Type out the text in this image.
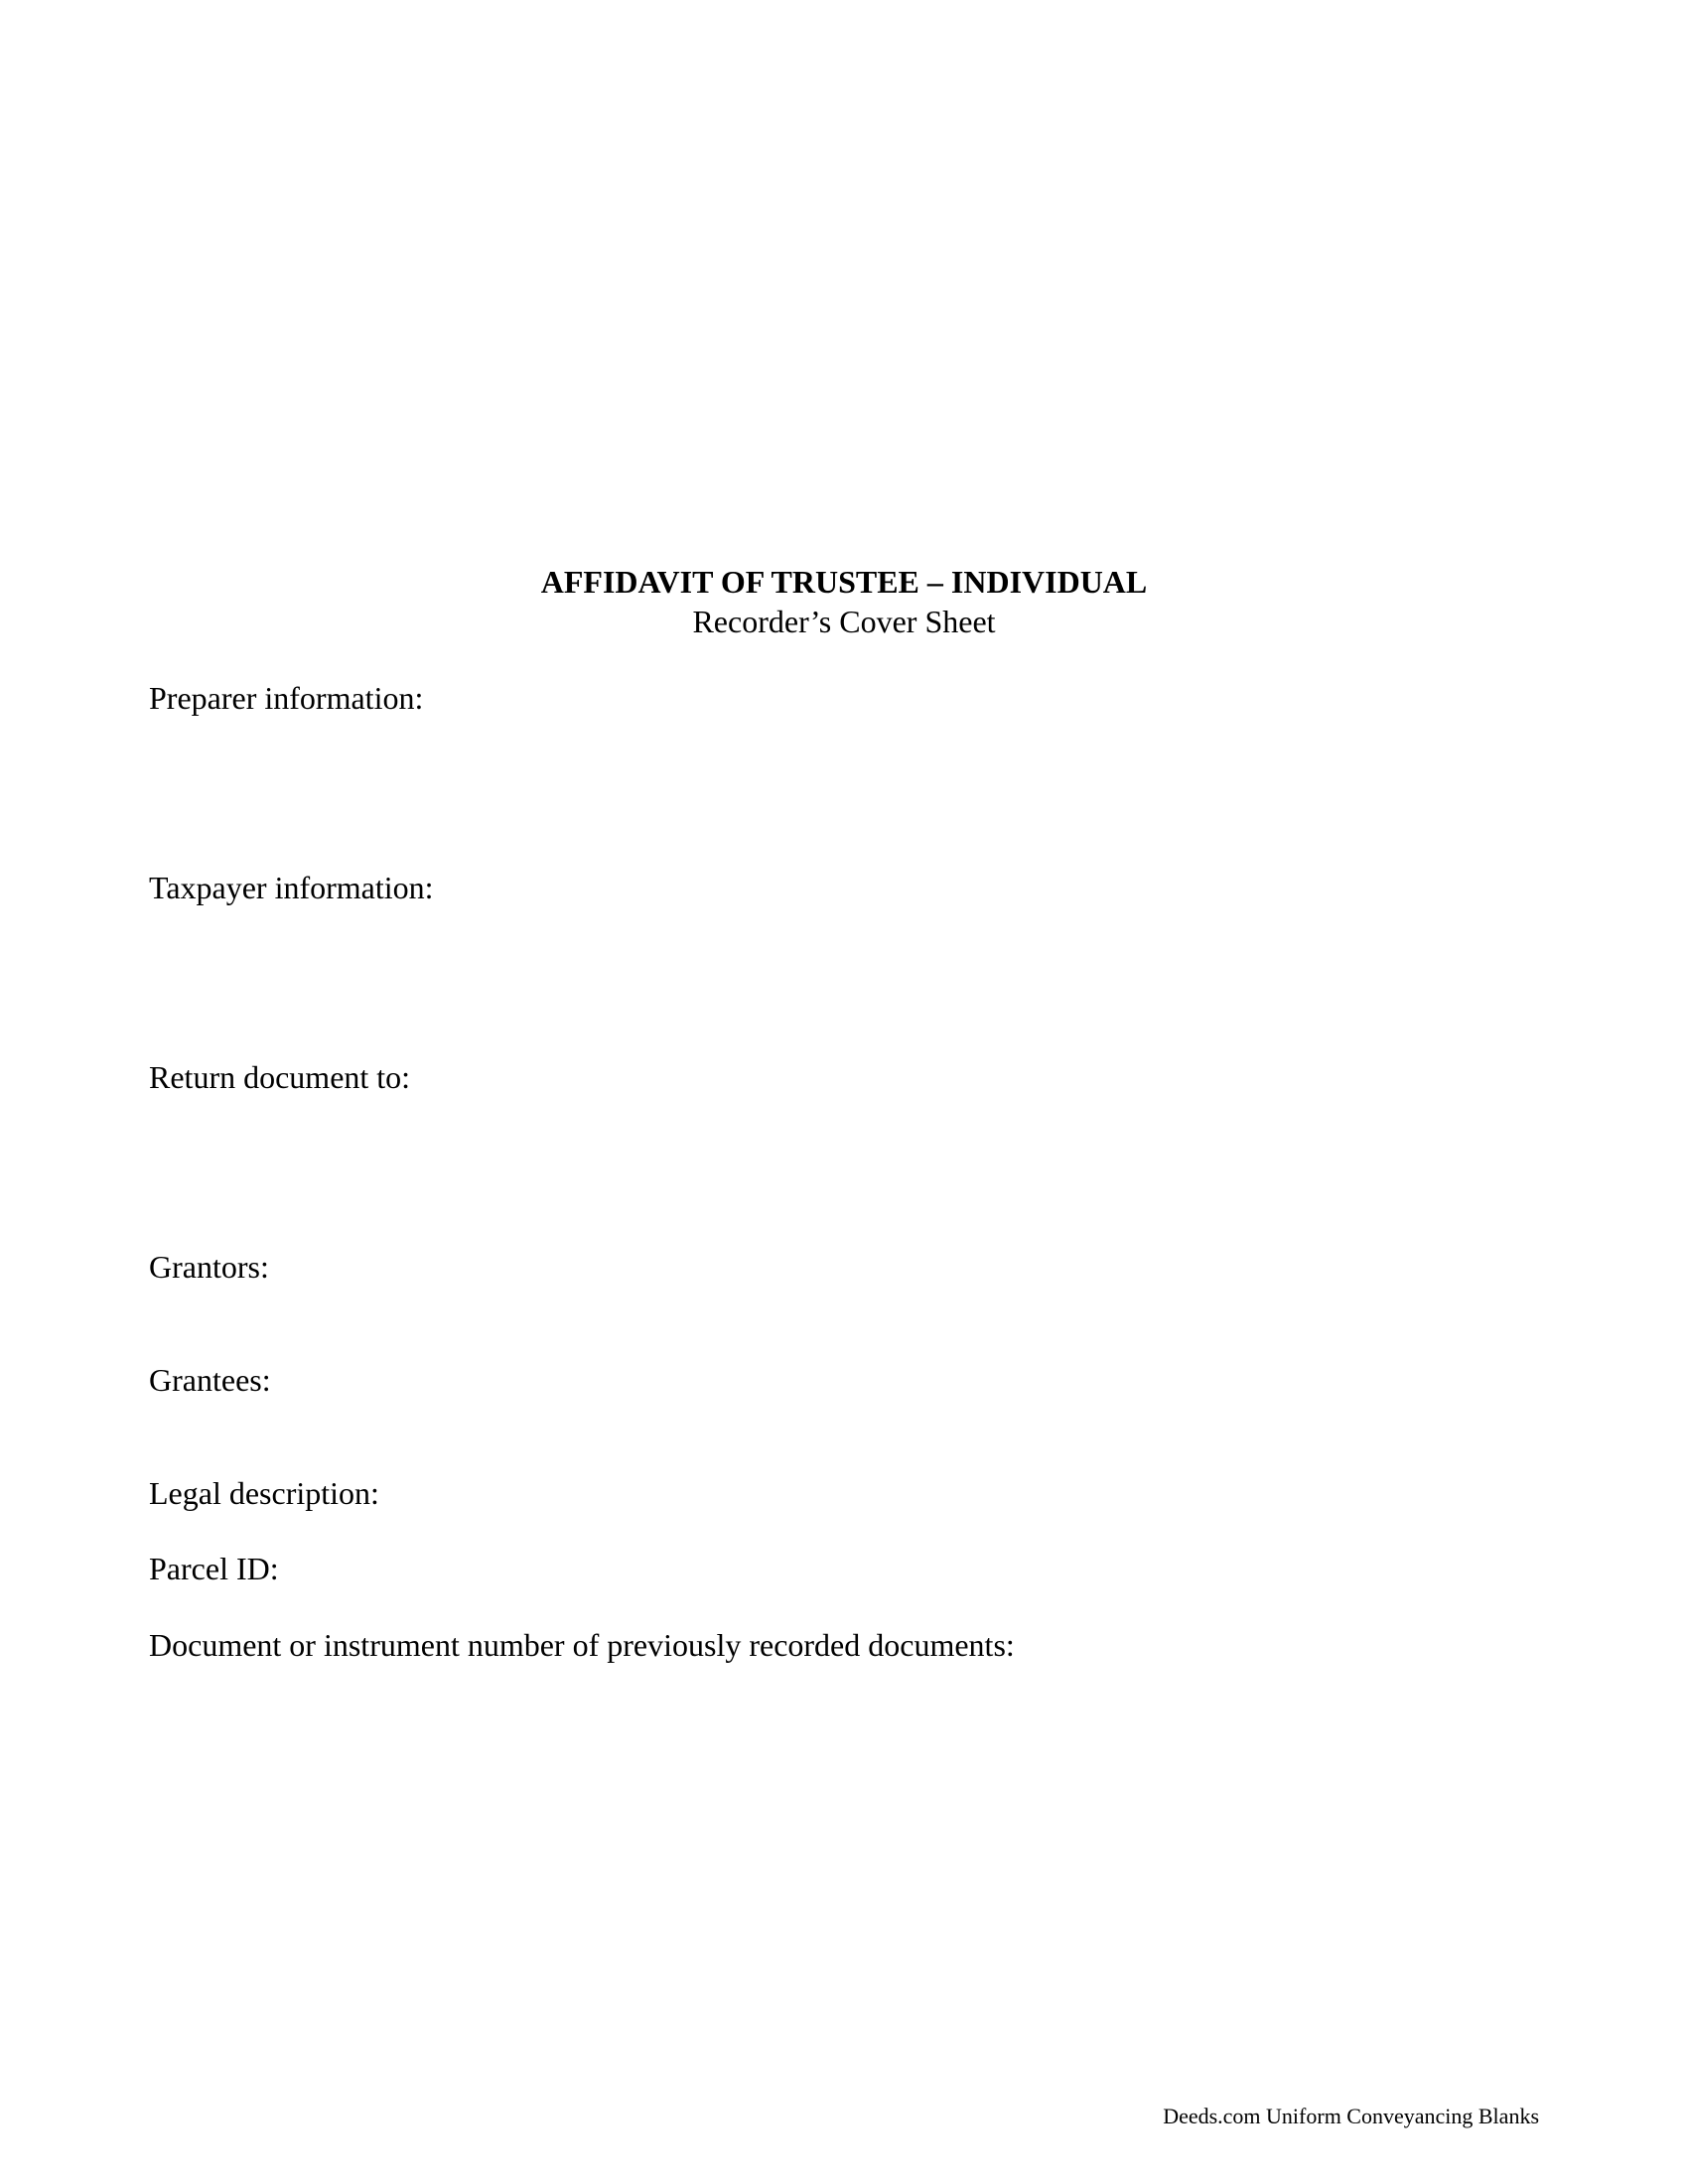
AFFIDAVIT OF TRUSTEE – INDIVIDUAL
Recorder’s Cover Sheet
Preparer information:
Taxpayer information:
Return document to:
Grantors:
Grantees:
Legal description:
Parcel ID:
Document or instrument number of previously recorded documents:
Deeds.com Uniform Conveyancing Blanks
